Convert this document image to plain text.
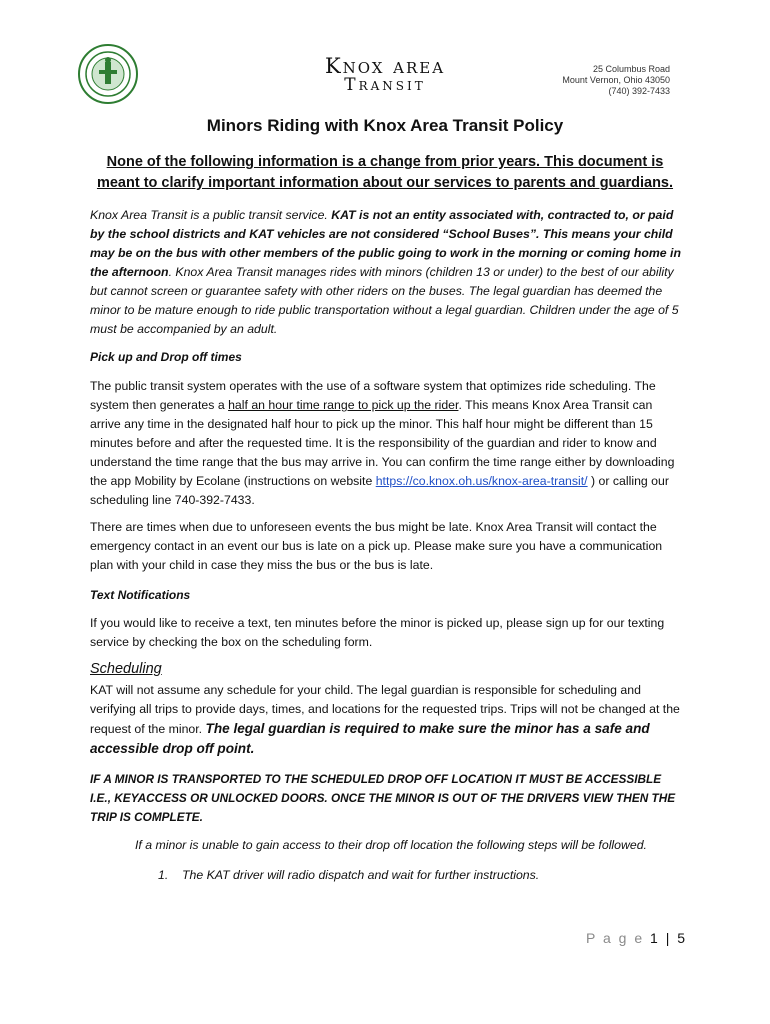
Knox area
Transit
25 Columbus Road
Mount Vernon, Ohio 43050
(740) 392-7433
Minors Riding with Knox Area Transit Policy
None of the following information is a change from prior years. This document is meant to clarify important information about our services to parents and guardians.
Knox Area Transit is a public transit service. KAT is not an entity associated with, contracted to, or paid by the school districts and KAT vehicles are not considered “School Buses”. This means your child may be on the bus with other members of the public going to work in the morning or coming home in the afternoon. Knox Area Transit manages rides with minors (children 13 or under) to the best of our ability but cannot screen or guarantee safety with other riders on the buses. The legal guardian has deemed the minor to be mature enough to ride public transportation without a legal guardian. Children under the age of 5 must be accompanied by an adult.
Pick up and Drop off times
The public transit system operates with the use of a software system that optimizes ride scheduling. The system then generates a half an hour time range to pick up the rider. This means Knox Area Transit can arrive any time in the designated half hour to pick up the minor. This half hour might be different than 15 minutes before and after the requested time. It is the responsibility of the guardian and rider to know and understand the time range that the bus may arrive in. You can confirm the time range either by downloading the app Mobility by Ecolane (instructions on website https://co.knox.oh.us/knox-area-transit/ ) or calling our scheduling line 740-392-7433.
There are times when due to unforeseen events the bus might be late. Knox Area Transit will contact the emergency contact in an event our bus is late on a pick up. Please make sure you have a communication plan with your child in case they miss the bus or the bus is late.
Text Notifications
If you would like to receive a text, ten minutes before the minor is picked up, please sign up for our texting service by checking the box on the scheduling form.
Scheduling
KAT will not assume any schedule for your child. The legal guardian is responsible for scheduling and verifying all trips to provide days, times, and locations for the requested trips. Trips will not be changed at the request of the minor. The legal guardian is required to make sure the minor has a safe and accessible drop off point.
IF A MINOR IS TRANSPORTED TO THE SCHEDULED DROP OFF LOCATION IT MUST BE ACCESSIBLE I.E., KEYACCESS OR UNLOCKED DOORS. ONCE THE MINOR IS OUT OF THE DRIVERS VIEW THEN THE TRIP IS COMPLETE.
If a minor is unable to gain access to their drop off location the following steps will be followed.
1. The KAT driver will radio dispatch and wait for further instructions.
P a g e 1 | 5
